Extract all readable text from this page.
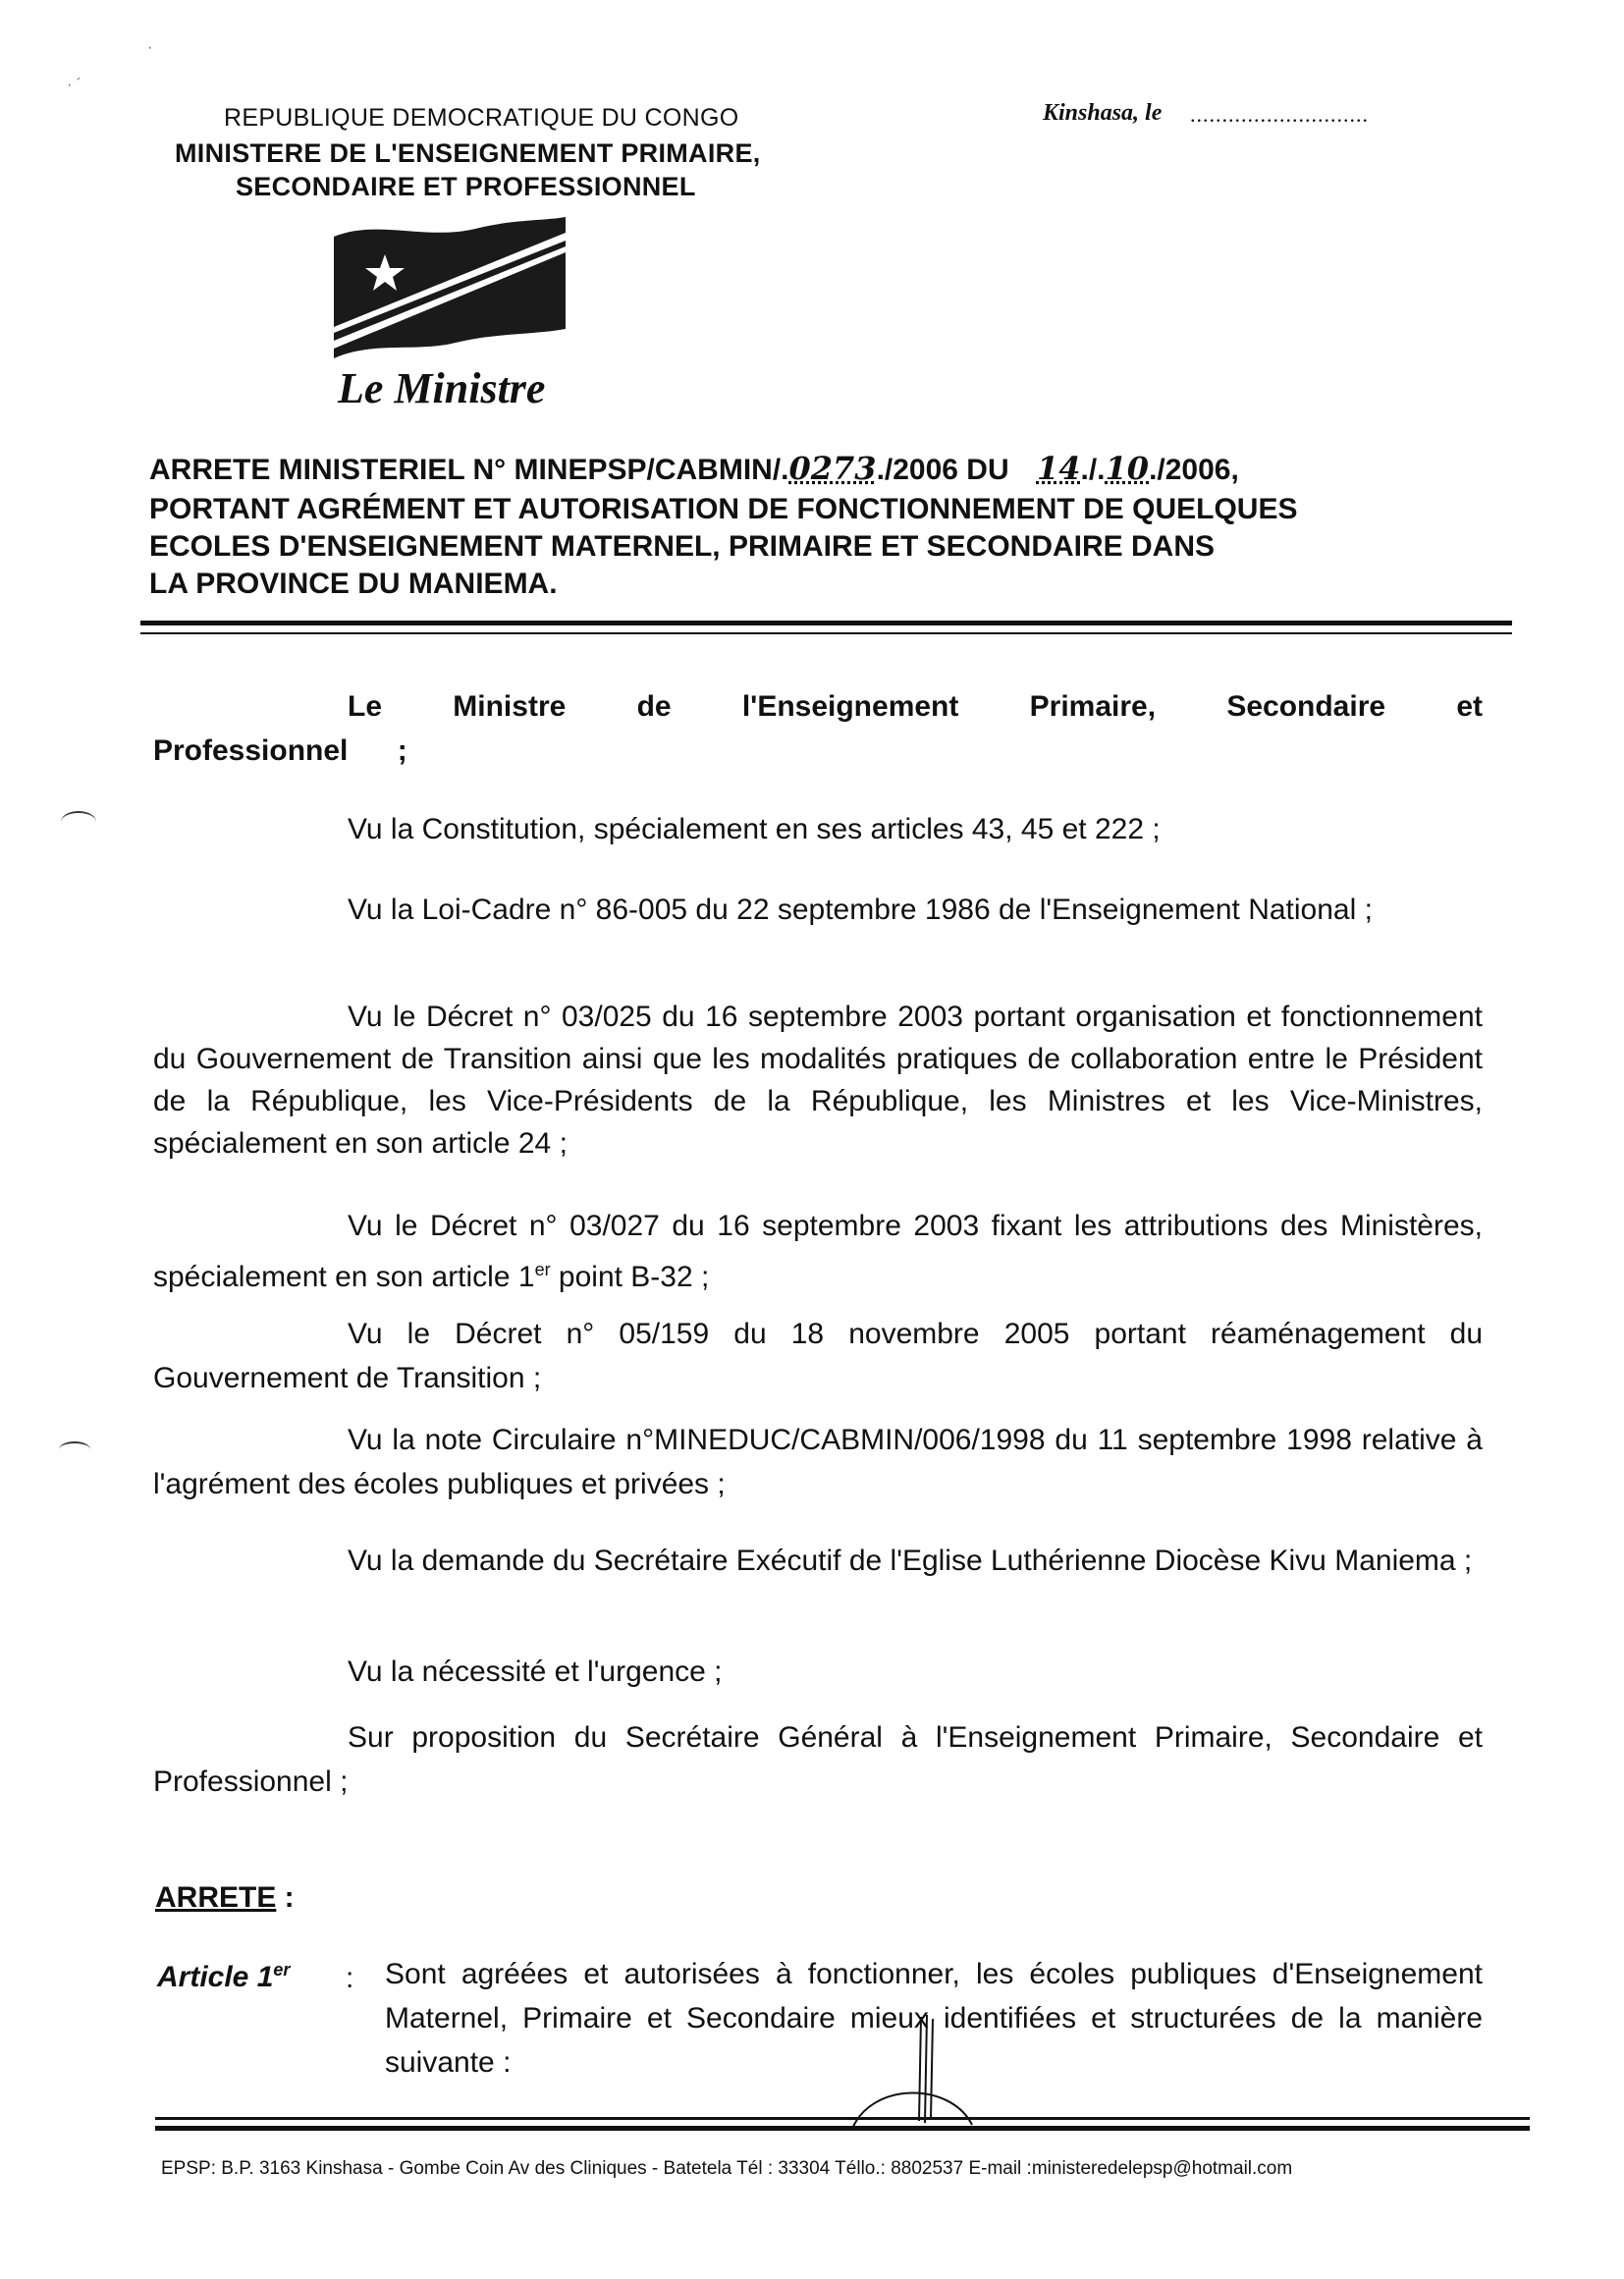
·
· ´
REPUBLIQUE DEMOCRATIQUE DU CONGO
MINISTERE DE L'ENSEIGNEMENT PRIMAIRE,
SECONDAIRE ET PROFESSIONNEL
Kinshasa, le ............................
Le Ministre
ARRETE MINISTERIEL N° MINEPSP/CABMIN/.0273./2006 DU 14./.10./2006,
PORTANT AGRÉMENT ET AUTORISATION DE FONCTIONNEMENT DE QUELQUES
ECOLES D'ENSEIGNEMENT MATERNEL, PRIMAIRE ET SECONDAIRE DANS
LA PROVINCE DU MANIEMA.
Le Ministre de l'Enseignement Primaire, Secondaire et Professionnel ;
Vu la Constitution, spécialement en ses articles 43, 45 et 222 ;
Vu la Loi-Cadre n° 86-005 du 22 septembre 1986 de l'Enseignement National ;
Vu le Décret n° 03/025 du 16 septembre 2003 portant organisation et fonctionnement du Gouvernement de Transition ainsi que les modalités pratiques de collaboration entre le Président de la République, les Vice-Présidents de la République, les Ministres et les Vice-Ministres, spécialement en son article 24 ;
Vu le Décret n° 03/027 du 16 septembre 2003 fixant les attributions des Ministères, spécialement en son article 1er point B-32 ;
Vu le Décret n° 05/159 du 18 novembre 2005 portant réaménagement du Gouvernement de Transition ;
Vu la note Circulaire n°MINEDUC/CABMIN/006/1998 du 11 septembre 1998 relative à l'agrément des écoles publiques et privées ;
Vu la demande du Secrétaire Exécutif de l'Eglise Luthérienne Diocèse Kivu Maniema ;
Vu la nécessité et l'urgence ;
Sur proposition du Secrétaire Général à l'Enseignement Primaire, Secondaire et Professionnel ;
ARRETE :
Article 1er : Sont agréées et autorisées à fonctionner, les écoles publiques d'Enseignement Maternel, Primaire et Secondaire mieux identifiées et structurées de la manière suivante :
EPSP: B.P. 3163 Kinshasa - Gombe Coin Av des Cliniques - Batetela Tél : 33304 Téllo.: 8802537 E-mail :ministeredelepsp@hotmail.com
